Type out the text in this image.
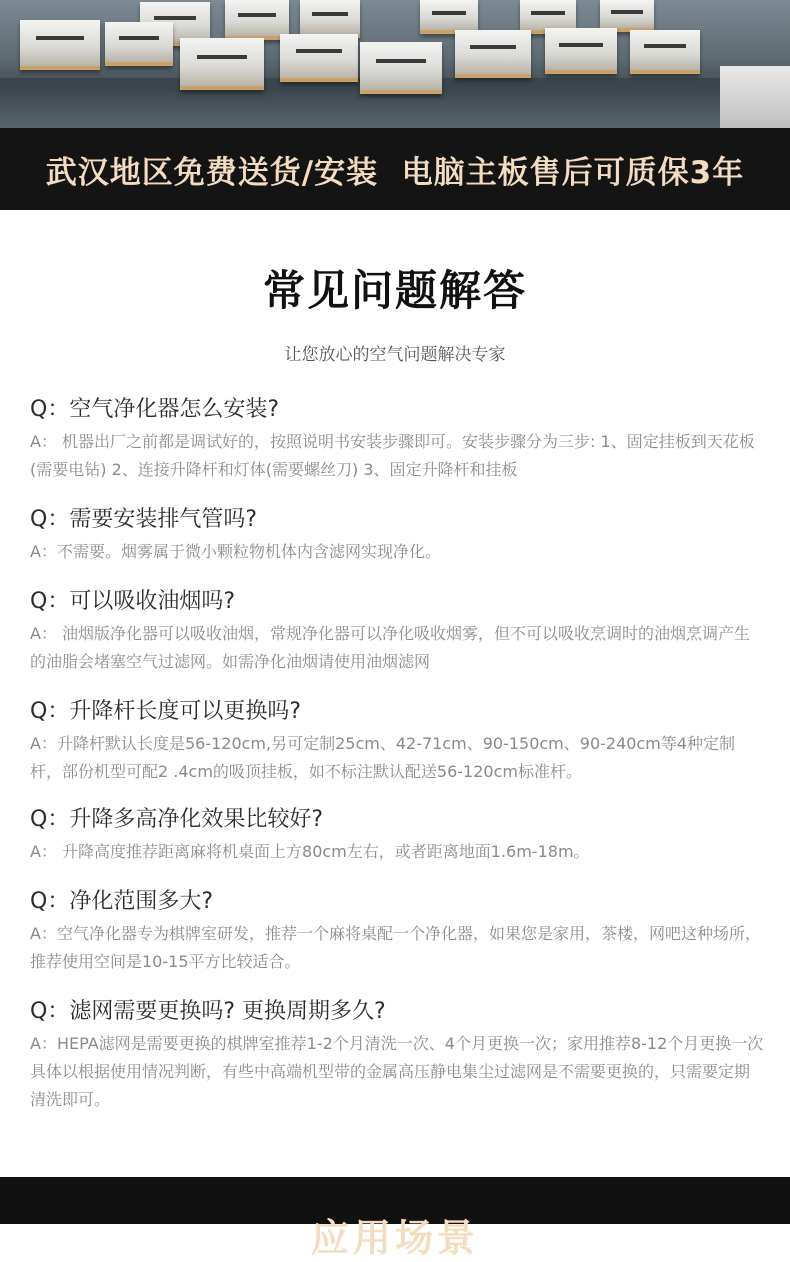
武汉地区免费送货/安装  电脑主板售后可质保3年
常见问题解答
让您放心的空气问题解决专家

Q：空气净化器怎么安装?

A： 机器出厂之前都是调试好的，按照说明书安装步骤即可。安装步骤分为三步: 1、固定挂板到天花板(需要电钻) 2、连接升降杆和灯体(需要螺丝刀) 3、固定升降杆和挂板

Q：需要安装排气管吗?

A：不需要。烟雾属于微小颗粒物机体内含滤网实现净化。

Q：可以吸收油烟吗?

A： 油烟版净化器可以吸收油烟，常规净化器可以净化吸收烟雾，但不可以吸收烹调时的油烟烹调产生的油脂会堵塞空气过滤网。如需净化油烟请使用油烟滤网

Q：升降杆长度可以更换吗?

A：升降杆默认长度是56-120cm,另可定制25cm、42-71cm、90-150cm、90-240cm等4种定制杆，部份机型可配2 .4cm的吸顶挂板，如不标注默认配送56-120cm标准杆。

Q：升降多高净化效果比较好?

A： 升降高度推荐距离麻将机桌面上方80cm左右，或者距离地面1.6m-18m。

Q：净化范围多大?

A：空气净化器专为棋牌室研发，推荐一个麻将桌配一个净化器，如果您是家用，茶楼，网吧这种场所，推荐使用空间是10-15平方比较适合。

Q：滤网需要更换吗? 更换周期多久?

A：HEPA滤网是需要更换的棋牌室推荐1-2个月清洗一次、4个月更换一次；家用推荐8-12个月更换一次具体以根据使用情况判断，有些中高端机型带的金属高压静电集尘过滤网是不需要更换的，只需要定期清洗即可。

应用场景
